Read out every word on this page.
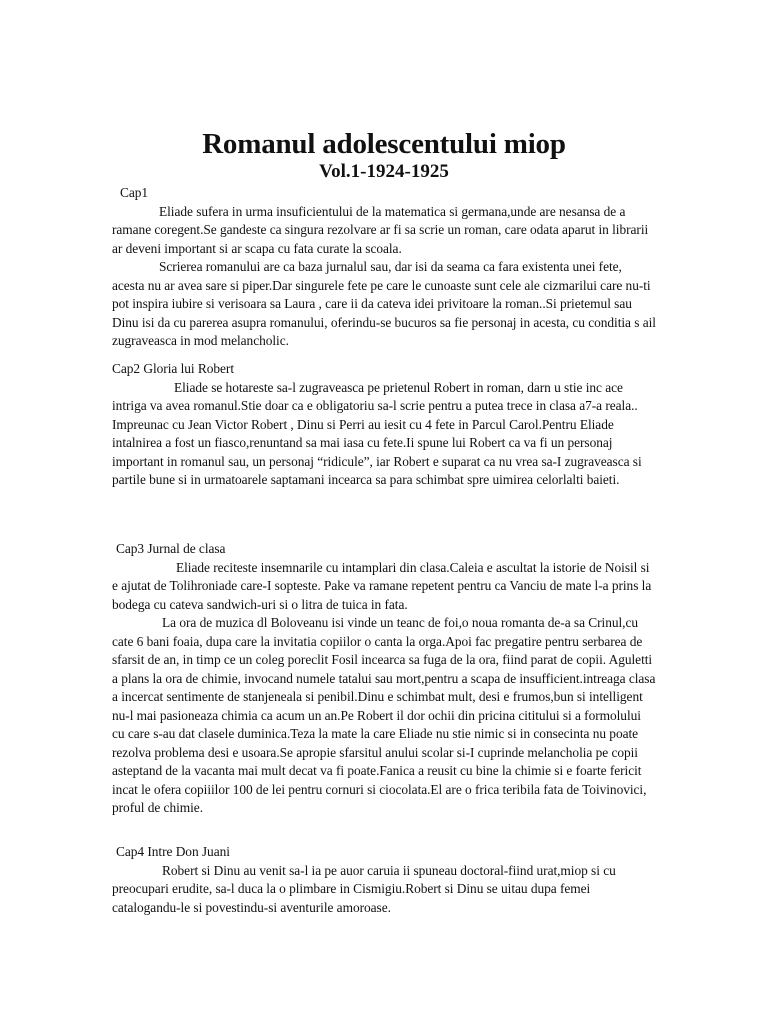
Romanul adolescentului miop
Vol.1-1924-1925

Cap1

Eliade sufera in urma insuficientului de la matematica si germana,unde are nesansa de a ramane coregent.Se gandeste ca singura rezolvare ar fi sa scrie un roman, care odata aparut in librarii ar deveni important si ar scapa cu fata curate la scoala.

Scrierea romanului are ca baza jurnalul sau, dar isi da seama ca fara existenta unei fete, acesta nu ar avea sare si piper.Dar singurele fete pe care le cunoaste sunt cele ale cizmarilui care nu-ti pot inspira iubire si verisoara sa Laura , care ii da cateva idei privitoare la roman..Si prietemul sau Dinu isi da cu parerea asupra romanului, oferindu-se bucuros sa fie personaj in acesta, cu conditia s ail zugraveasca in mod melancholic.

Cap2 Gloria lui Robert

Eliade se hotareste sa-l zugraveasca pe prietenul Robert in roman, darn u stie inc ace intriga va avea romanul.Stie doar ca e obligatoriu sa-l scrie pentru a putea trece in clasa a7-a reala..

Impreunac cu Jean Victor Robert , Dinu si Perri au iesit cu 4 fete in Parcul Carol.Pentru Eliade intalnirea a fost un fiasco,renuntand sa mai iasa cu fete.Ii spune lui Robert ca va fi un personaj important in romanul sau, un personaj “ridicule”, iar Robert e suparat ca nu vrea sa-I zugraveasca si partile bune si in urmatoarele saptamani incearca sa para schimbat spre uimirea celorlalti baieti.

Cap3 Jurnal de clasa

Eliade reciteste insemnarile cu intamplari din clasa.Caleia e ascultat la istorie de Noisil si e ajutat de Tolihroniade care-I sopteste. Pake va ramane repetent pentru ca Vanciu de mate l-a prins la bodega cu cateva sandwich-uri si o litra de tuica in fata.

La ora de muzica dl Boloveanu isi vinde un teanc de foi,o noua romanta de-a sa Crinul,cu cate 6 bani foaia, dupa care la invitatia copiilor o canta la orga.Apoi fac pregatire pentru serbarea de sfarsit de an, in timp ce un coleg poreclit Fosil incearca sa fuga de la ora, fiind parat de copii. Aguletti a plans la ora de chimie, invocand numele tatalui sau mort,pentru a scapa de insufficient.intreaga clasa a incercat sentimente de stanjeneala si penibil.Dinu e schimbat mult, desi e frumos,bun si intelligent nu-l mai pasioneaza chimia ca acum un an.Pe Robert il dor ochii din pricina cititului si a formolului cu care s-au dat clasele duminica.Teza la mate la care Eliade nu stie nimic si in consecinta nu poate rezolva problema desi e usoara.Se apropie sfarsitul anului scolar si-I cuprinde melancholia pe copii asteptand de la vacanta mai mult decat va fi poate.Fanica a reusit cu bine la chimie si e foarte fericit incat le ofera copiiilor 100 de lei pentru cornuri si ciocolata.El are o frica teribila fata de Toivinovici, proful de chimie.

Cap4 Intre Don Juani

Robert si Dinu au venit sa-l ia pe auor caruia ii spuneau doctoral-fiind urat,miop si cu preocupari erudite, sa-l duca la o plimbare in Cismigiu.Robert si Dinu se uitau dupa femei catalogandu-le si povestindu-si aventurile amoroase.
